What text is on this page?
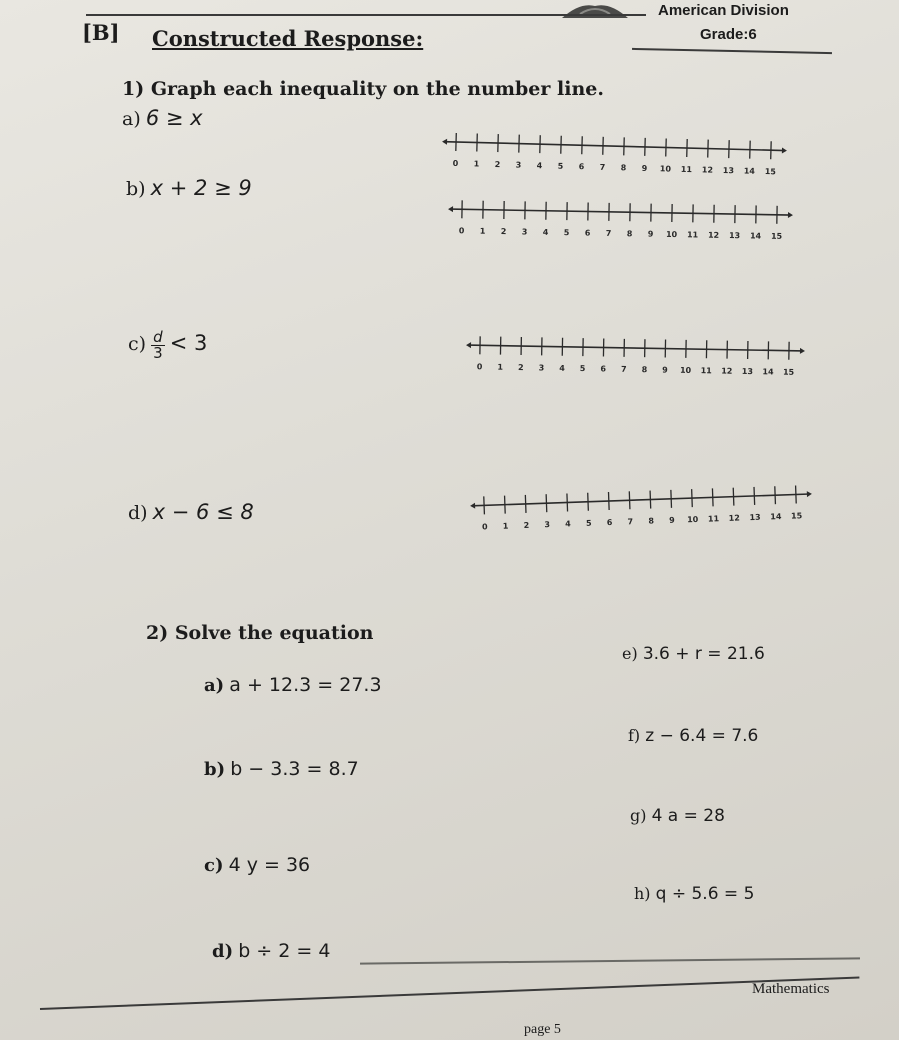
American Division
Grade:6
[B] Constructed Response:
1) Graph each inequality on the number line.
a) 6 ≥ x
b) x + 2 ≥ 9
$c) \frac{d}{3} < 3$
d) x − 6 ≤ 8
0 1 2 3 4 5 6 7 8 9 10 11 12 13 14 15
0 1 2 3 4 5 6 7 8 9 10 11 12 13 14 15
0 1 2 3 4 5 6 7 8 9 10 11 12 13 14 15
0 1 2 3 4 5 6 7 8 9 10 11 12 13 14 15
2) Solve the equation
a) a + 12.3 = 27.3
b) b − 3.3 = 8.7
c) 4 y = 36
d) b ÷ 2 = 4
e) 3.6 + r = 21.6
f) z − 6.4 = 7.6
g) 4 a = 28
h) q ÷ 5.6 = 5
Mathematics
page 5
